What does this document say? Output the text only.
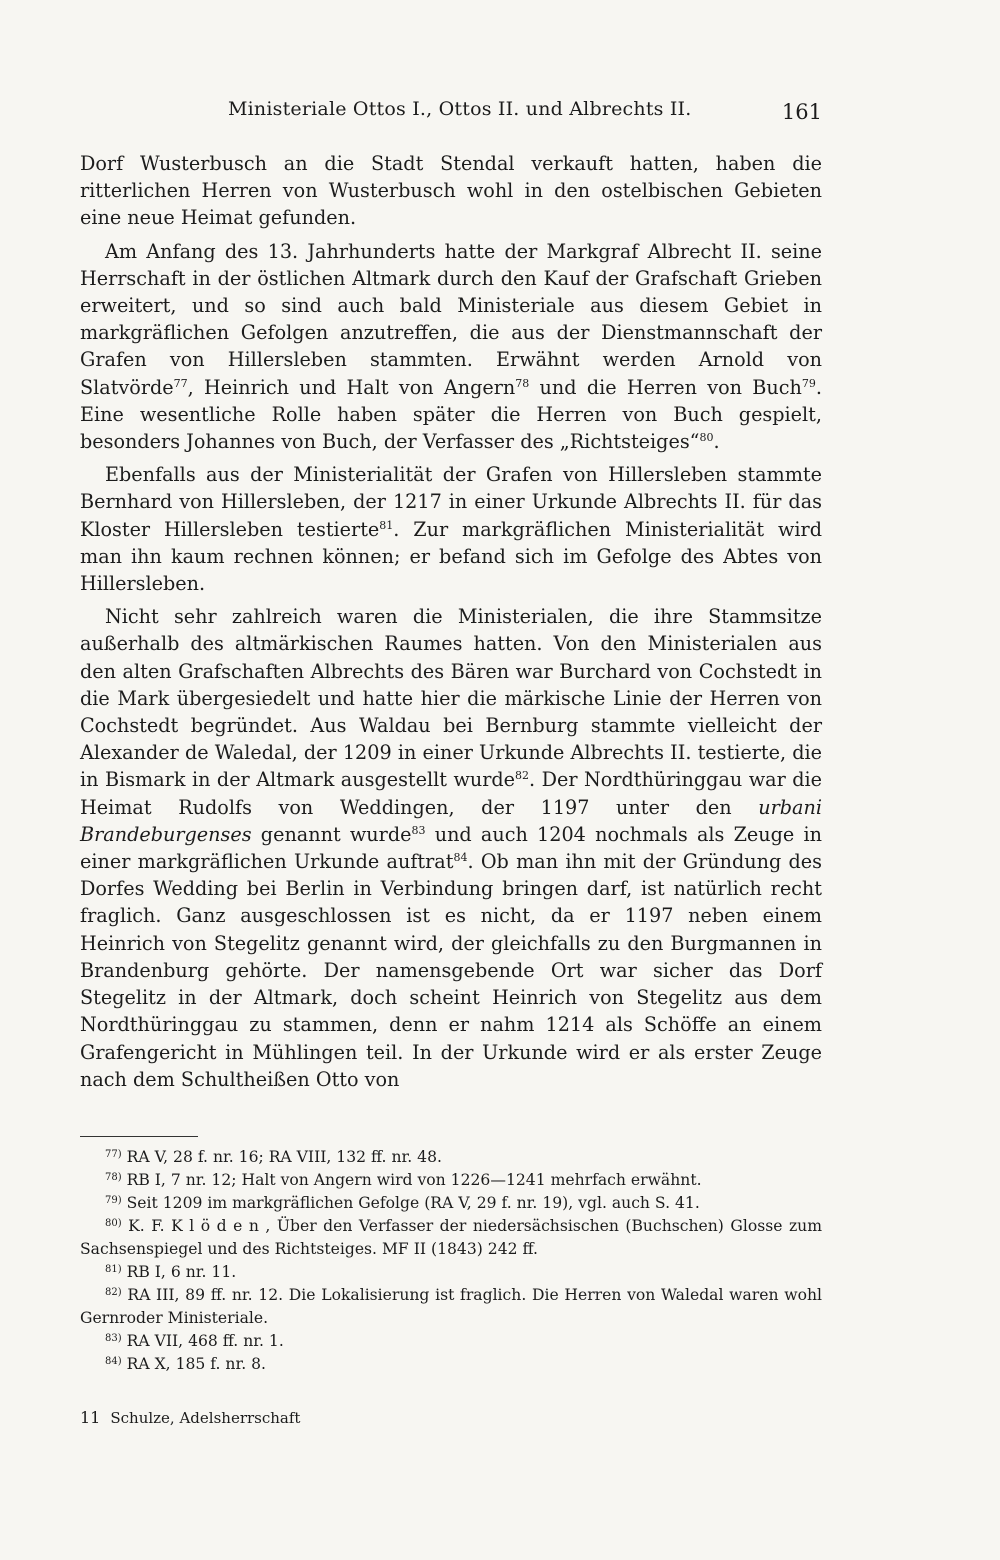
Ministeriale Ottos I., Ottos II. und Albrechts II.	161

Dorf Wusterbusch an die Stadt Stendal verkauft hatten, haben die ritterlichen Herren von Wusterbusch wohl in den ostelbischen Gebieten eine neue Heimat gefunden.

Am Anfang des 13. Jahrhunderts hatte der Markgraf Albrecht II. seine Herrschaft in der östlichen Altmark durch den Kauf der Grafschaft Grieben erweitert, und so sind auch bald Ministeriale aus diesem Gebiet in markgräflichen Gefolgen anzutreffen, die aus der Dienstmannschaft der Grafen von Hillersleben stammten. Erwähnt werden Arnold von Slatvörde$^{77}$, Heinrich und Halt von Angern$^{78}$ und die Herren von Buch$^{79}$. Eine wesentliche Rolle haben später die Herren von Buch gespielt, besonders Johannes von Buch, der Verfasser des „Richtsteiges“$^{80}$.

Ebenfalls aus der Ministerialität der Grafen von Hillersleben stammte Bernhard von Hillersleben, der 1217 in einer Urkunde Albrechts II. für das Kloster Hillersleben testierte$^{81}$. Zur markgräflichen Ministerialität wird man ihn kaum rechnen können; er befand sich im Gefolge des Abtes von Hillersleben.

Nicht sehr zahlreich waren die Ministerialen, die ihre Stammsitze außerhalb des altmärkischen Raumes hatten. Von den Ministerialen aus den alten Grafschaften Albrechts des Bären war Burchard von Cochstedt in die Mark übergesiedelt und hatte hier die märkische Linie der Herren von Cochstedt begründet. Aus Waldau bei Bernburg stammte vielleicht der Alexander de Waledal, der 1209 in einer Urkunde Albrechts II. testierte, die in Bismark in der Altmark ausgestellt wurde$^{82}$. Der Nordthüringgau war die Heimat Rudolfs von Weddingen, der 1197 unter den urbani Brandeburgenses genannt wurde$^{83}$ und auch 1204 nochmals als Zeuge in einer markgräflichen Urkunde auftrat$^{84}$. Ob man ihn mit der Gründung des Dorfes Wedding bei Berlin in Verbindung bringen darf, ist natürlich recht fraglich. Ganz ausgeschlossen ist es nicht, da er 1197 neben einem Heinrich von Stegelitz genannt wird, der gleichfalls zu den Burgmannen in Brandenburg gehörte. Der namensgebende Ort war sicher das Dorf Stegelitz in der Altmark, doch scheint Heinrich von Stegelitz aus dem Nordthüringgau zu stammen, denn er nahm 1214 als Schöffe an einem Grafengericht in Mühlingen teil. In der Urkunde wird er als erster Zeuge nach dem Schultheißen Otto von

$^{77)}$ RA V, 28 f. nr. 16; RA VIII, 132 ff. nr. 48.

$^{78)}$ RB I, 7 nr. 12; Halt von Angern wird von 1226—1241 mehrfach erwähnt.

$^{79)}$ Seit 1209 im markgräflichen Gefolge (RA V, 29 f. nr. 19), vgl. auch S. 41.

$^{80)}$ K. F. K l ö d e n , Über den Verfasser der niedersächsischen (Buchschen) Glosse zum Sachsenspiegel und des Richtsteiges. MF II (1843) 242 ff.

$^{81)}$ RB I, 6 nr. 11.

$^{82)}$ RA III, 89 ff. nr. 12. Die Lokalisierung ist fraglich. Die Herren von Waledal waren wohl Gernroder Ministeriale.

$^{83)}$ RA VII, 468 ff. nr. 1.

$^{84)}$ RA X, 185 f. nr. 8.

11 Schulze, Adelsherrschaft
